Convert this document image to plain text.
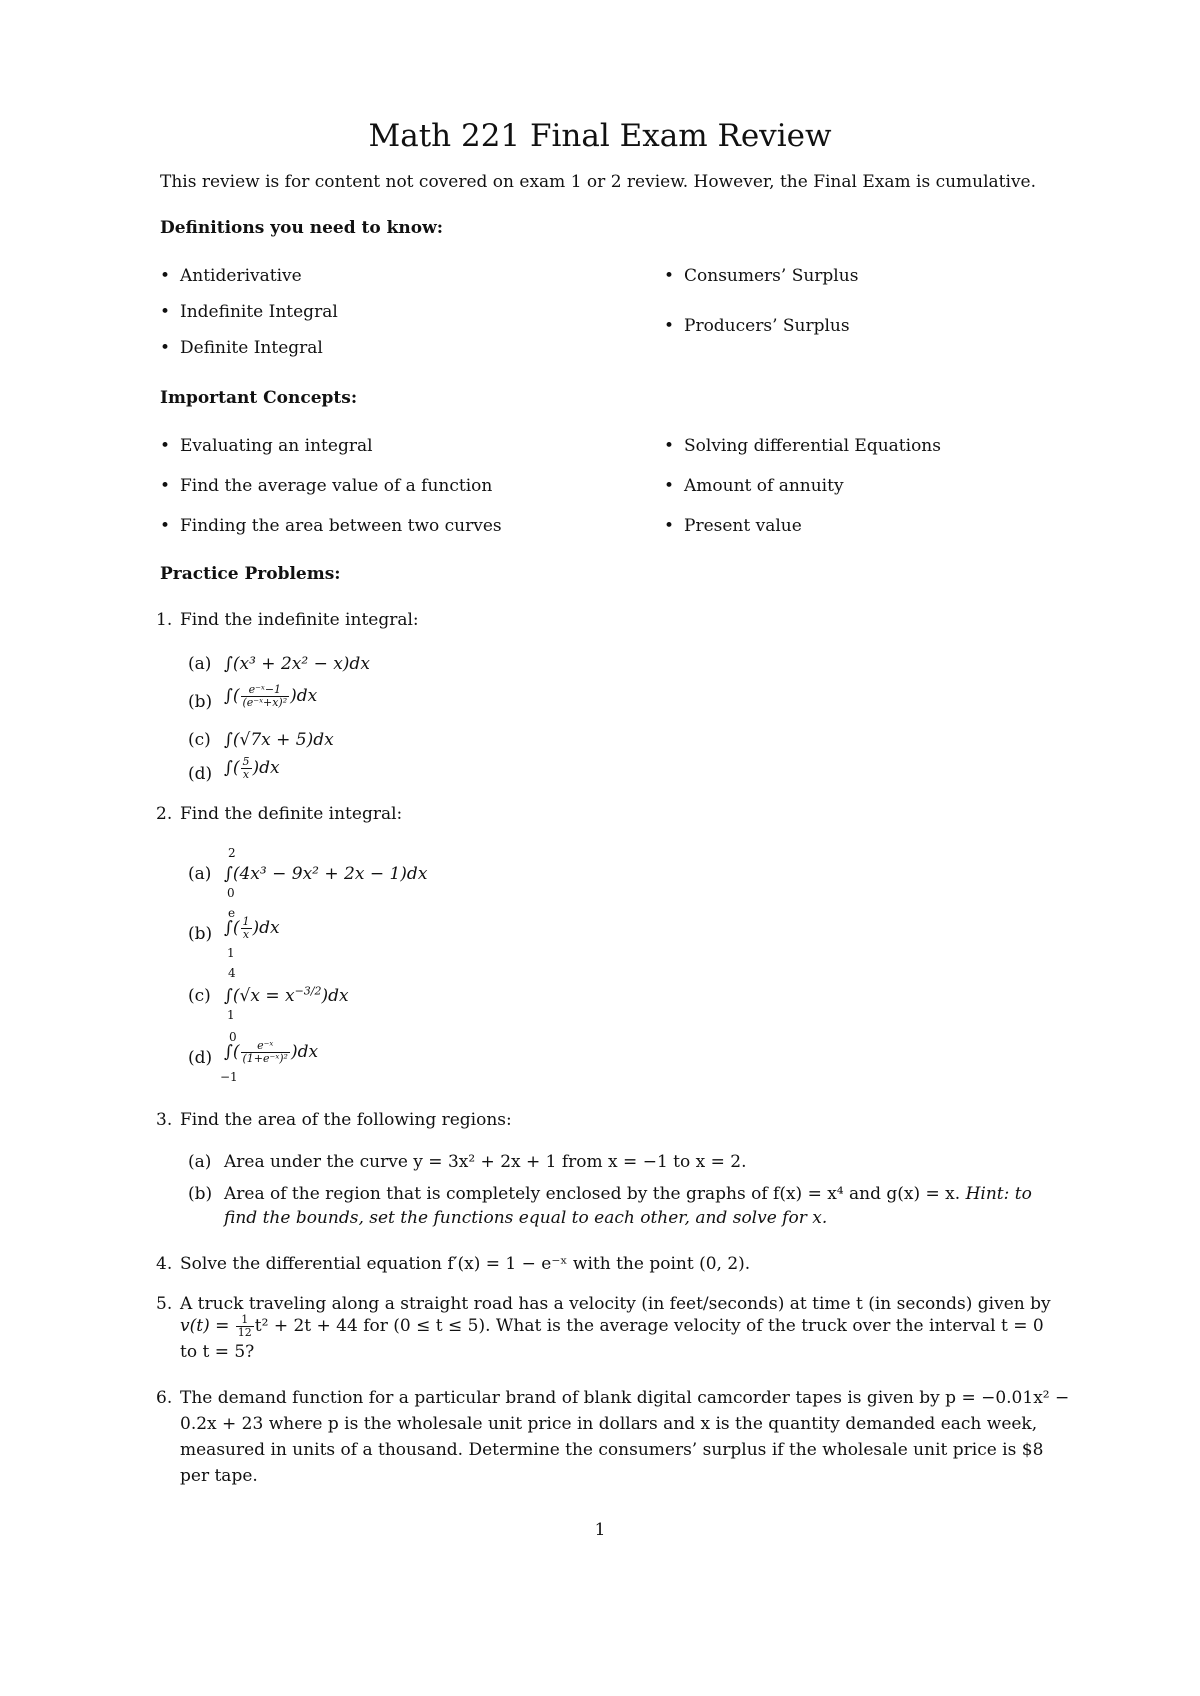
Math 221 Final Exam Review
This review is for content not covered on exam 1 or 2 review. However, the Final Exam is cumulative.
Definitions you need to know:
• Antiderivative
• Indefinite Integral
• Definite Integral
• Consumers’ Surplus
• Producers’ Surplus
Important Concepts:
• Evaluating an integral
• Find the average value of a function
• Finding the area between two curves
• Solving differential Equations
• Amount of annuity
• Present value
Practice Problems:
1. Find the indefinite integral:
(a) ∫(x³ + 2x² − x)dx
(b) ∫( $\frac{\text{e⁻ˣ−1}}{\text{(e⁻ˣ+x)²}} )dx$
(c) ∫(√7x + 5)dx
(d) ∫( $\frac{5}{x} )dx$
2. Find the definite integral:
(a)
2
∫(4x³ − 9x² + 2x − 1)dx
0
(b)
e
∫( $\frac{1}{x} )dx$
1
(c)
4
$\int(√x = x^{-3/2})dx$
1
(d)
0
∫( $\frac{\text{e⁻ˣ}}{\text{(1+e⁻ˣ)²}} )dx$
−1
3. Find the area of the following regions:
(a) Area under the curve y = 3x² + 2x + 1 from x = −1 to x = 2.
(b) Area of the region that is completely enclosed by the graphs of f(x) = x⁴ and g(x) = x. Hint: to
find the bounds, set the functions equal to each other, and solve for x.
4. Solve the differential equation f′(x) = 1 − e⁻ˣ with the point (0, 2).
5. A truck traveling along a straight road has a velocity (in feet/seconds) at time t (in seconds) given by
$v(t) = \frac{1}{12} t^2 + 2t + 44$ for (0 ≤ t ≤ 5). What is the average velocity of the truck over the interval t = 0
to t = 5?
6. The demand function for a particular brand of blank digital camcorder tapes is given by p = −0.01x² −
0.2x + 23 where p is the wholesale unit price in dollars and x is the quantity demanded each week,
measured in units of a thousand. Determine the consumers’ surplus if the wholesale unit price is $8
per tape.
1
